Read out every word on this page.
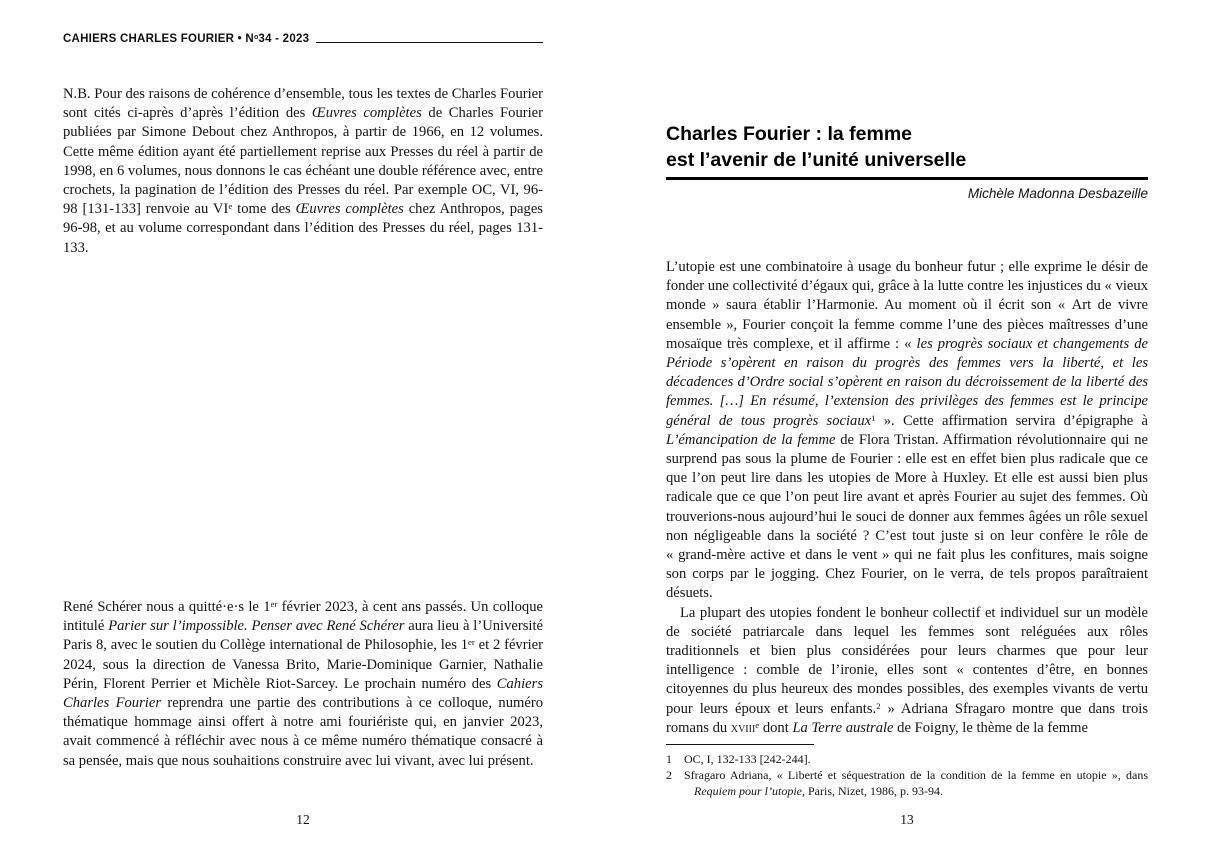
CAHIERS CHARLES FOURIER • $N^o34 - 2023$

N.B. Pour des raisons de cohérence d’ensemble, tous les textes de Charles Fourier sont cités ci-après d’après l’édition des Œuvres complètes de Charles Fourier publiées par Simone Debout chez Anthropos, à partir de 1966, en 12 volumes. Cette même édition ayant été partiellement reprise aux Presses du réel à partir de 1998, en 6 volumes, nous donnons le cas échéant une double référence avec, entre crochets, la pagination de l’édition des Presses du réel. Par exemple OC, VI, 96-98 [131-133] renvoie au VIe tome des Œuvres complètes chez Anthropos, pages 96-98, et au volume correspondant dans l’édition des Presses du réel, pages 131-133.

René Schérer nous a quitté·e·s le 1er février 2023, à cent ans passés. Un colloque intitulé Parier sur l’impossible. Penser avec René Schérer aura lieu à l’Université Paris 8, avec le soutien du Collège international de Philosophie, les 1er et 2 février 2024, sous la direction de Vanessa Brito, Marie-Dominique Garnier, Nathalie Périn, Florent Perrier et Michèle Riot-Sarcey. Le prochain numéro des Cahiers Charles Fourier reprendra une partie des contributions à ce colloque, numéro thématique hommage ainsi offert à notre ami fouriériste qui, en janvier 2023, avait commencé à réfléchir avec nous à ce même numéro thématique consacré à sa pensée, mais que nous souhaitions construire avec lui vivant, avec lui présent.

12
Charles Fourier : la femme
est l’avenir de l’unité universelle
Michèle Madonna Desbazeille

L’utopie est une combinatoire à usage du bonheur futur ; elle exprime le désir de fonder une collectivité d’égaux qui, grâce à la lutte contre les injustices du « vieux monde » saura établir l’Harmonie. Au moment où il écrit son « Art de vivre ensemble », Fourier conçoit la femme comme l’une des pièces maîtresses d’une mosaïque très complexe, et il affirme : « les progrès sociaux et changements de Période s’opèrent en raison du progrès des femmes vers la liberté, et les décadences d’Ordre social s’opèrent en raison du décroissement de la liberté des femmes. […] En résumé, l’extension des privilèges des femmes est le principe général de tous progrès sociaux$^1$ ». Cette affirmation servira d’épigraphe à L’émancipation de la femme de Flora Tristan. Affirmation révolutionnaire qui ne surprend pas sous la plume de Fourier : elle est en effet bien plus radicale que ce que l’on peut lire dans les utopies de More à Huxley. Et elle est aussi bien plus radicale que ce que l’on peut lire avant et après Fourier au sujet des femmes. Où trouverions-nous aujourd’hui le souci de donner aux femmes âgées un rôle sexuel non négligeable dans la société ? C’est tout juste si on leur confère le rôle de « grand-mère active et dans le vent » qui ne fait plus les confitures, mais soigne son corps par le jogging. Chez Fourier, on le verra, de tels propos paraîtraient désuets.

La plupart des utopies fondent le bonheur collectif et individuel sur un modèle de société patriarcale dans lequel les femmes sont reléguées aux rôles traditionnels et bien plus considérées pour leurs charmes que pour leur intelligence : comble de l’ironie, elles sont « contentes d’être, en bonnes citoyennes du plus heureux des mondes possibles, des exemples vivants de vertu pour leurs époux et leurs enfants.$^2$ » Adriana Sfragaro montre que dans trois romans du xviii$^e$ dont La Terre australe de Foigny, le thème de la femme

1 OC, I, 132-133 [242-244].

2 Sfragaro Adriana, « Liberté et séquestration de la condition de la femme en utopie », dans Requiem pour l’utopie, Paris, Nizet, 1986, p. 93-94.

13
